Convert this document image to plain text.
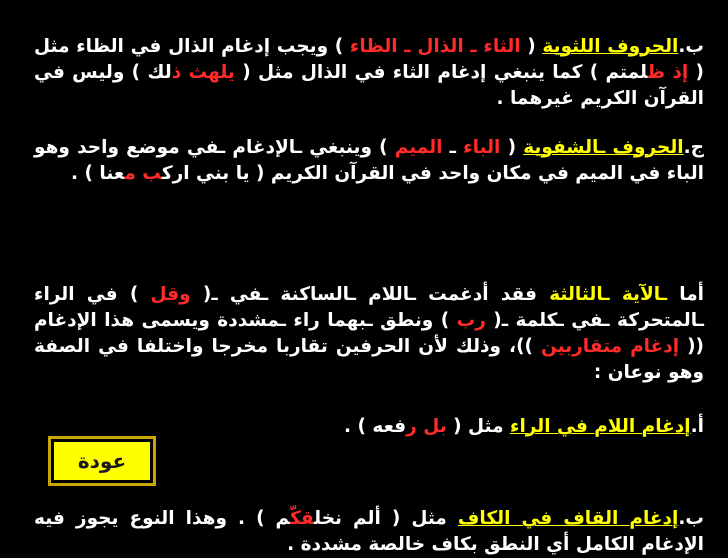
ب.الحروف اللثوية ( الثاء ـ الذال ـ الظاء ) ويجب إدغام الذال في الظاء مثل ( إذ ظلمتم ) كما ينبغي إدغام الثاء في الذال مثل ( يلهث ذلك ) وليس في القرآن الكريم غيرهما .
ج.الحروف ـالشفوية ( الباء ـ الميم ) وينبغي ـالإدغام ـفي موضع واحد وهو الباء في الميم في مكان واحد في القرآن الكريم ( يا بني اركب معنا ) .
أما ـالآية ـالثالثة فقد أدغمت ـاللام ـالساكنة ـفي ـ( وقل ) في الراء ـالمتحركة ـفي ـكلمة ـ( رب ) ونطق ـبهما راء ـمشددة ويسمى هذا الإدغام (( إدغام متقاربين ))، وذلك لأن الحرفين تقاربا مخرجا واختلفا في الصفة وهو نوعان :
أ.إدغام اللام في الراء مثل ( بل رفعه ) .
ب.إدغام القاف في الكاف مثل ( ألم نخلقكّم ) . وهذا النوع يجوز فيه الإدغام الكامل أي النطق بكاف خالصة مشددة .
عودة
